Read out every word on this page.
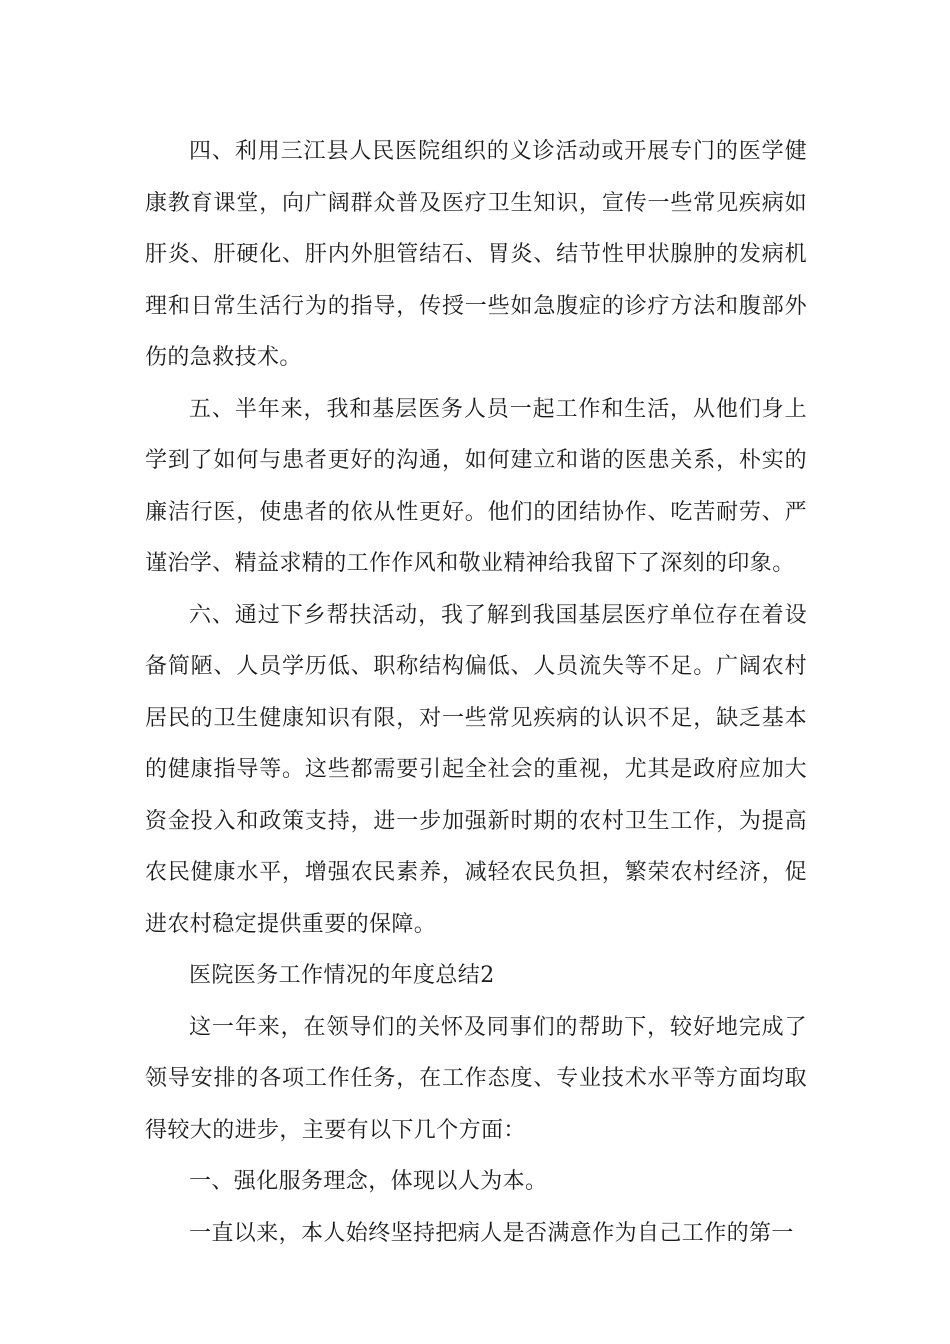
四、利用三江县人民医院组织的义诊活动或开展专门的医学健康教育课堂，向广阔群众普及医疗卫生知识，宣传一些常见疾病如肝炎、肝硬化、肝内外胆管结石、胃炎、结节性甲状腺肿的发病机理和日常生活行为的指导，传授一些如急腹症的诊疗方法和腹部外伤的急救技术。

五、半年来，我和基层医务人员一起工作和生活，从他们身上学到了如何与患者更好的沟通，如何建立和谐的医患关系，朴实的廉洁行医，使患者的依从性更好。他们的团结协作、吃苦耐劳、严谨治学、精益求精的工作作风和敬业精神给我留下了深刻的印象。

六、通过下乡帮扶活动，我了解到我国基层医疗单位存在着设备简陋、人员学历低、职称结构偏低、人员流失等不足。广阔农村居民的卫生健康知识有限，对一些常见疾病的认识不足，缺乏基本的健康指导等。这些都需要引起全社会的重视，尤其是政府应加大资金投入和政策支持，进一步加强新时期的农村卫生工作，为提高农民健康水平，增强农民素养，减轻农民负担，繁荣农村经济，促进农村稳定提供重要的保障。

医院医务工作情况的年度总结2

这一年来，在领导们的关怀及同事们的帮助下，较好地完成了领导安排的各项工作任务，在工作态度、专业技术水平等方面均取得较大的进步，主要有以下几个方面：

一、强化服务理念，体现以人为本。

一直以来，本人始终坚持把病人是否满意作为自己工作的第一
